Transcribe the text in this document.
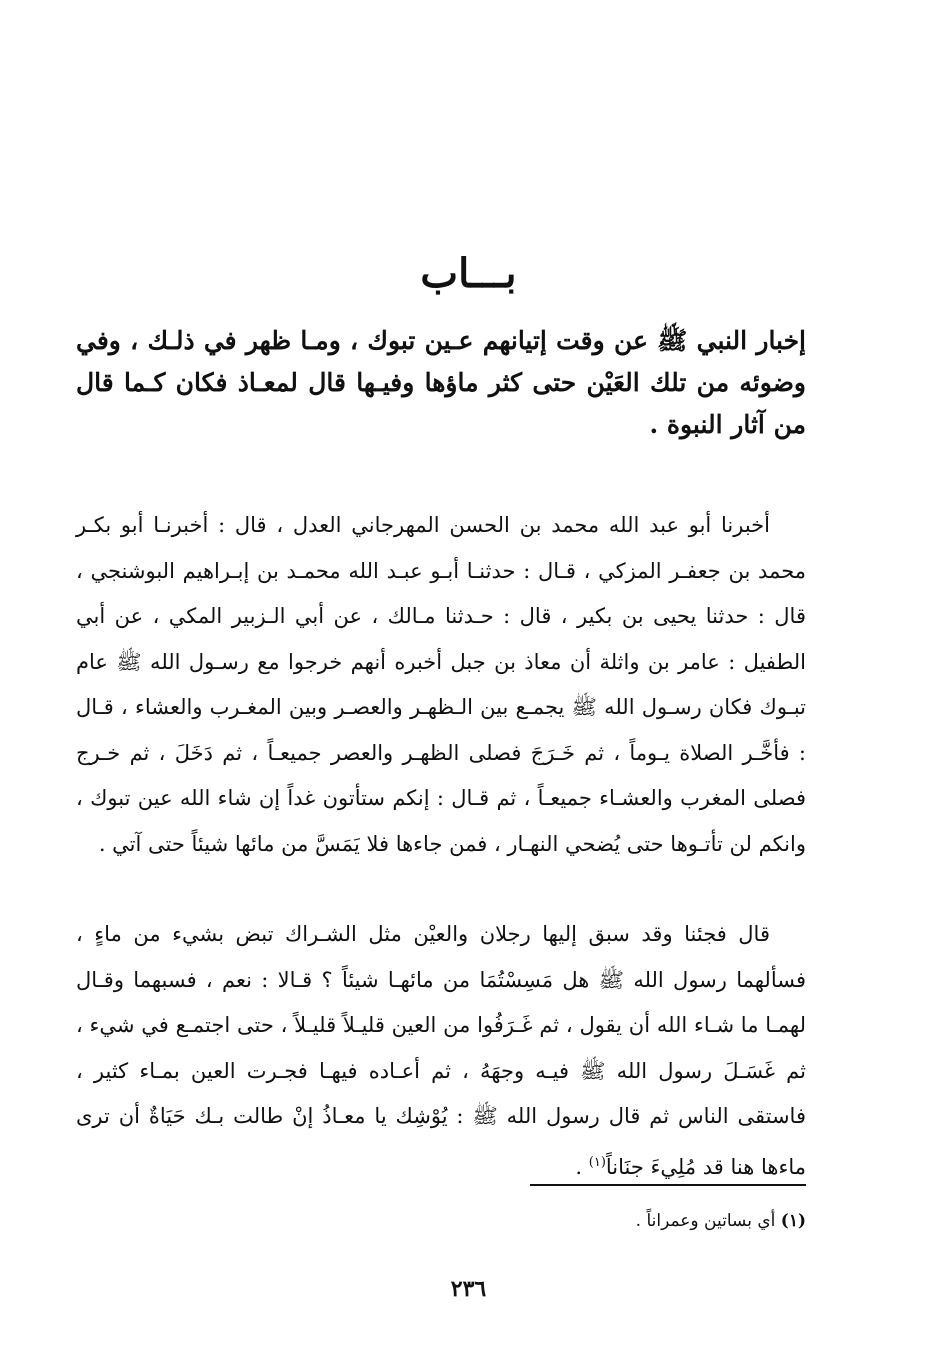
بـــاب
إخبار النبي ﷺ عن وقت إتيانهم عـين تبوك ، ومـا ظهر في ذلـك ، وفي وضوئه من تلك العَيْن حتى كثر ماؤها وفيـها قال لمعـاذ فكان كـما قال من آثار النبوة .

أخبرنا أبو عبد الله محمد بن الحسن المهرجاني العدل ، قال : أخبرنـا أبو بكـر محمد بن جعفـر المزكي ، قـال : حدثنـا أبـو عبـد الله محمـد بن إبـراهيم البوشنجي ، قال : حدثنا يحيى بن بكير ، قال : حـدثنا مـالك ، عن أبي الـزبير المكي ، عن أبي الطفيل : عامر بن واثلة أن معاذ بن جبل أخبره أنهم خرجوا مع رسـول الله ﷺ عام تبـوك فكان رسـول الله ﷺ يجمـع بين الـظهـر والعصـر وبين المغـرب والعشاء ، قـال : فأخَّـر الصلاة يـوماً ، ثم خَـرَجَ فصلى الظهـر والعصر جميعـاً ، ثم دَخَلَ ، ثم خـرج فصلى المغرب والعشـاء جميعـاً ، ثم قـال : إنكم ستأتون غداً إن شاء الله عين تبوك ، وانكم لن تأتـوها حتى يُضحي النهـار ، فمن جاءها فلا يَمَسَّ من مائها شيئاً حتى آتي .

قال فجئنا وقد سبق إليها رجلان والعيْن مثل الشـراك تبض بشيء من ماءٍ ، فسألهما رسول الله ﷺ هل مَسِسْتُمَا من مائهـا شيئاً ؟ قـالا : نعم ، فسبهما وقـال لهمـا ما شـاء الله أن يقول ، ثم غَـرَفُوا من العين قليـلاً قليـلاً ، حتى اجتمـع في شيء ، ثم غَسَـلَ رسول الله ﷺ فيـه وجهَهُ ، ثم أعـاده فيهـا فجـرت العين بمـاء كثير ، فاستقى الناس ثم قال رسول الله ﷺ : يُوْشِك يا معـاذُ إنْ طالت بـك حَيَاةٌ أن ترى ماءها هنا قد مُلِيءَ جنَاناً$^{(١)}$ .

(١) أي بساتين وعمراناً .
٢٣٦
